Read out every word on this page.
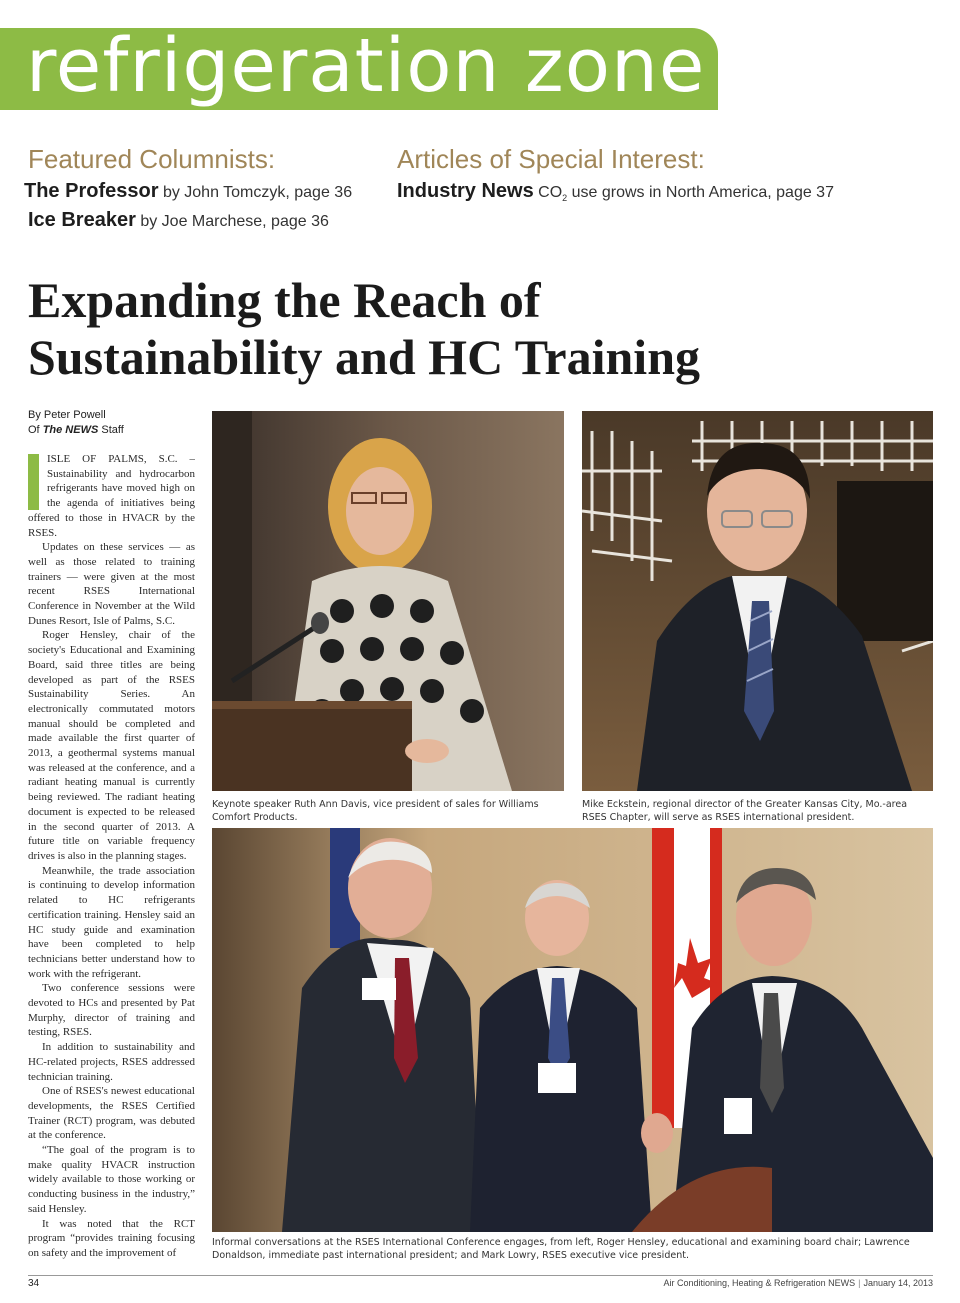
refrigeration zone
Featured Columnists:
The Professor by John Tomczyk, page 36
Ice Breaker by Joe Marchese, page 36
Articles of Special Interest:
Industry News $CO_2$ use grows in North America, page 37
Expanding the Reach of
Sustainability and HC Training
By Peter Powell
Of The NEWS Staff

ISLE OF PALMS, S.C. – Sustainability and hydrocarbon refrigerants have moved high on the agenda of initiatives being offered to those in HVACR by the RSES.

Updates on these services — as well as those related to training trainers — were given at the most recent RSES International Conference in November at the Wild Dunes Resort, Isle of Palms, S.C.

Roger Hensley, chair of the society's Educational and Examining Board, said three titles are being developed as part of the RSES Sustainability Series. An electronically commutated motors manual should be completed and made available the first quarter of 2013, a geothermal systems manual was released at the conference, and a radiant heating manual is currently being reviewed. The radiant heating document is expected to be released in the second quarter of 2013. A future title on variable frequency drives is also in the planning stages.

Meanwhile, the trade association is continuing to develop information related to HC refrigerants certification training. Hensley said an HC study guide and examination have been completed to help technicians better understand how to work with the refrigerant.

Two conference sessions were devoted to HCs and presented by Pat Murphy, director of training and testing, RSES.

In addition to sustainability and HC-related projects, RSES addressed technician training.

One of RSES's newest educational developments, the RSES Certified Trainer (RCT) program, was debuted at the conference.

“The goal of the program is to make quality HVACR instruction widely available to those working or conducting business in the industry,” said Hensley.

It was noted that the RCT program “provides training focusing on safety and the improvement of

Keynote speaker Ruth Ann Davis, vice president of sales for Williams Comfort Products.
Mike Eckstein, regional director of the Greater Kansas City, Mo.-area RSES Chapter, will serve as RSES international president.
Informal conversations at the RSES International Conference engages, from left, Roger Hensley, educational and examining board chair; Lawrence Donaldson, immediate past international president; and Mark Lowry, RSES executive vice president.
34	Air Conditioning, Heating & Refrigeration NEWS | January 14, 2013
